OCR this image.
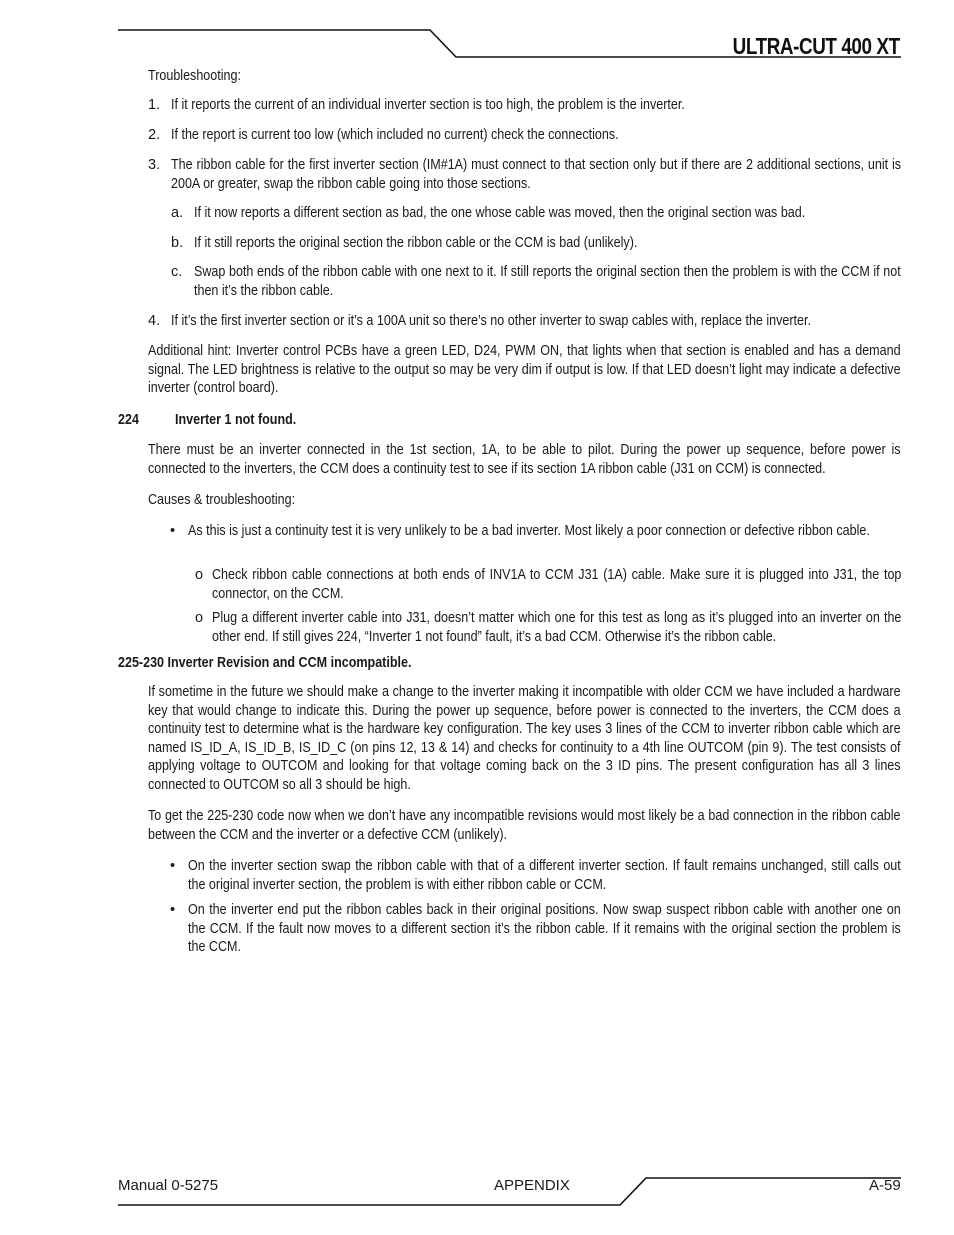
ULTRA-CUT 400 XT
Manual 0-5275	APPENDIX	A-59
Troubleshooting:
1. If it reports the current of an individual inverter section is too high, the problem is the inverter.
2. If the report is current too low (which included no current) check the connections.
3. The ribbon cable for the first inverter section (IM#1A) must connect to that section only but if there are 2 additional sections, unit is 200A or greater, swap the ribbon cable going into those sections.
a. If it now reports a different section as bad, the one whose cable was moved, then the original section was bad.
b. If it still reports the original section the ribbon cable or the CCM is bad (unlikely).
c. Swap both ends of the ribbon cable with one next to it. If still reports the original section then the problem is with the CCM if not then it’s the ribbon cable.
4. If it’s the first inverter section or it’s a 100A unit so there’s no other inverter to swap cables with, replace the inverter.
Additional hint: Inverter control PCBs have a green LED, D24, PWM ON, that lights when that section is enabled and has a demand signal. The LED brightness is relative to the output so may be very dim if output is low. If that LED doesn’t light may indicate a defective inverter (control board).
224 Inverter 1 not found.
There must be an inverter connected in the 1st section, 1A, to be able to pilot. During the power up sequence, before power is connected to the inverters, the CCM does a continuity test to see if its section 1A ribbon cable (J31 on CCM) is connected.
Causes & troubleshooting:
• As this is just a continuity test it is very unlikely to be a bad inverter. Most likely a poor connection or defective ribbon cable.
o Check ribbon cable connections at both ends of INV1A to CCM J31 (1A) cable. Make sure it is plugged into J31, the top connector, on the CCM.
o Plug a different inverter cable into J31, doesn’t matter which one for this test as long as it’s plugged into an inverter on the other end. If still gives 224, “Inverter 1 not found” fault, it’s a bad CCM. Otherwise it’s the ribbon cable.
225-230 Inverter Revision and CCM incompatible.
If sometime in the future we should make a change to the inverter making it incompatible with older CCM we have included a hardware key that would change to indicate this. During the power up sequence, before power is connected to the inverters, the CCM does a continuity test to determine what is the hardware key configuration. The key uses 3 lines of the CCM to inverter ribbon cable which are named IS_ID_A, IS_ID_B, IS_ID_C (on pins 12, 13 & 14) and checks for continuity to a 4th line OUTCOM (pin 9). The test consists of applying voltage to OUTCOM and looking for that voltage coming back on the 3 ID pins. The present configuration has all 3 lines connected to OUTCOM so all 3 should be high.
To get the 225-230 code now when we don’t have any incompatible revisions would most likely be a bad connection in the ribbon cable between the CCM and the inverter or a defective CCM (unlikely).
• On the inverter section swap the ribbon cable with that of a different inverter section. If fault remains unchanged, still calls out the original inverter section, the problem is with either ribbon cable or CCM.
• On the inverter end put the ribbon cables back in their original positions. Now swap suspect ribbon cable with another one on the CCM. If the fault now moves to a different section it’s the ribbon cable. If it remains with the original section the problem is the CCM.
